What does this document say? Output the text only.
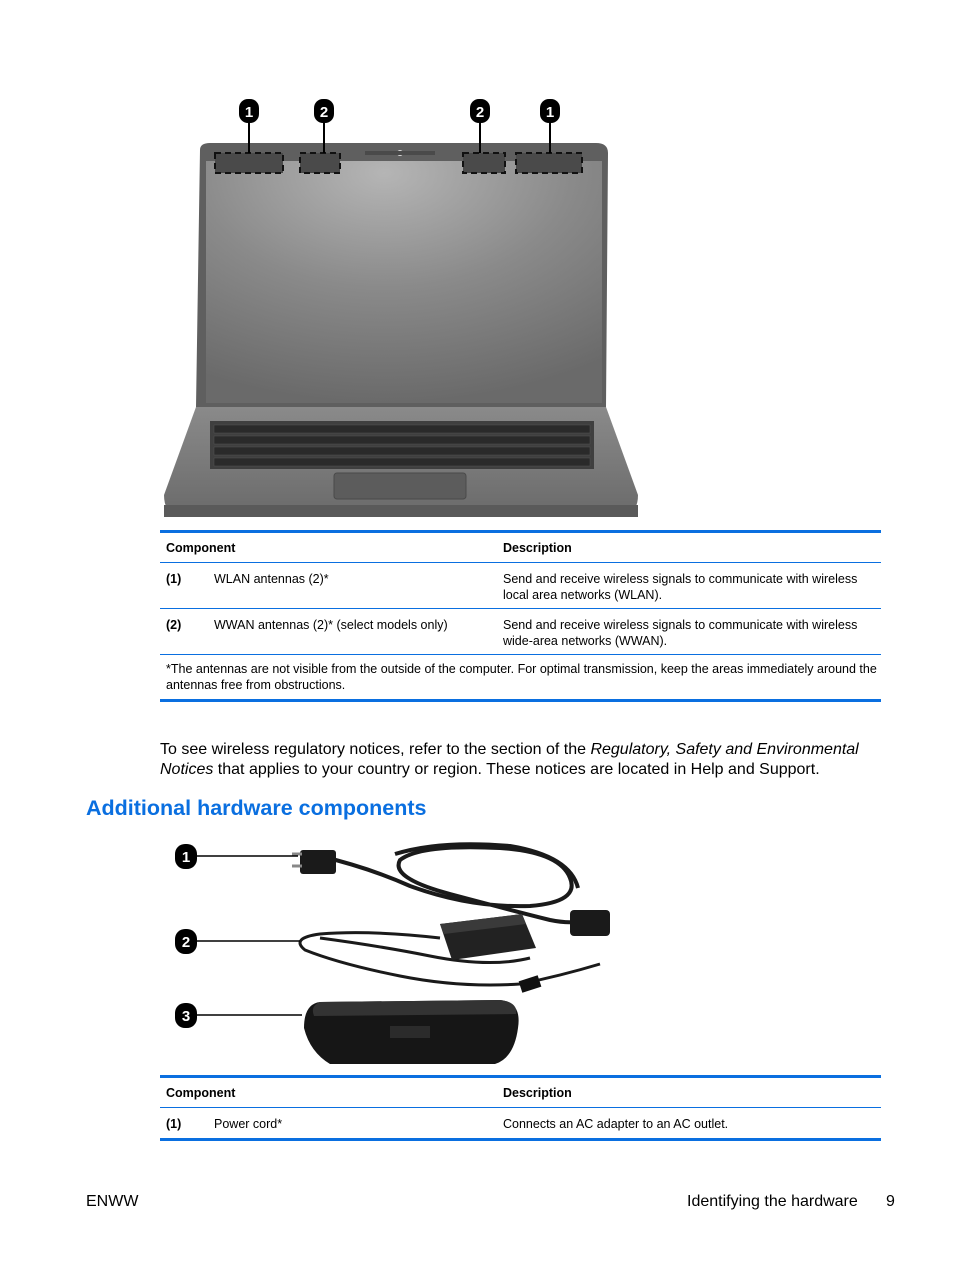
1	2	2	1
Component	Description
(1)	WLAN antennas (2)*	Send and receive wireless signals to communicate with wireless local area networks (WLAN).
(2)	WWAN antennas (2)* (select models only)	Send and receive wireless signals to communicate with wireless wide-area networks (WWAN).
*The antennas are not visible from the outside of the computer. For optimal transmission, keep the areas immediately around the antennas free from obstructions.
To see wireless regulatory notices, refer to the section of the Regulatory, Safety and Environmental Notices that applies to your country or region. These notices are located in Help and Support.
Additional hardware components
1
2
3
Component	Description
(1)	Power cord*	Connects an AC adapter to an AC outlet.
ENWW	Identifying the hardware 9
